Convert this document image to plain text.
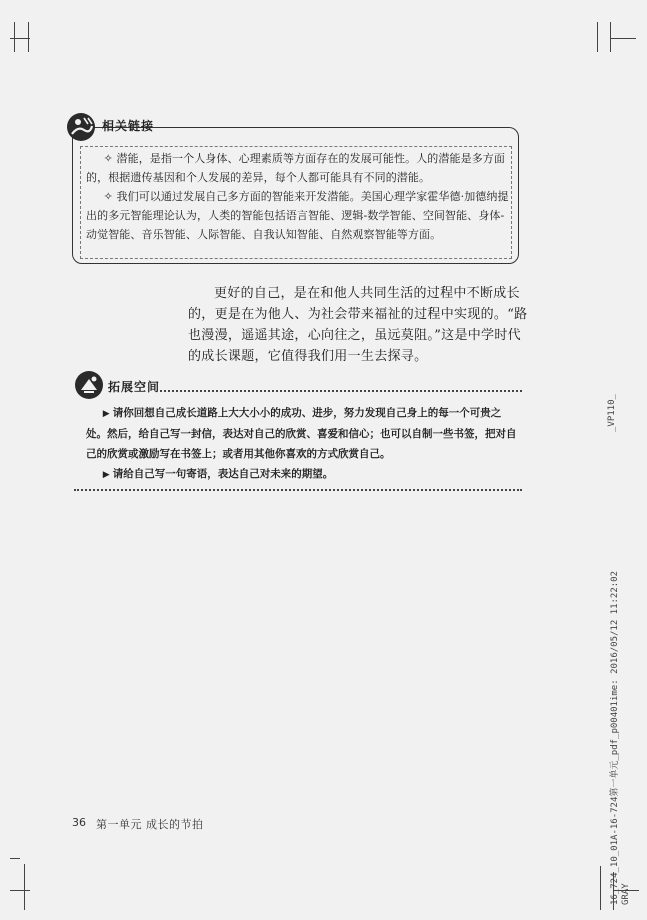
相关链接

✧ 潜能，是指一个人身体、心理素质等方面存在的发展可能性。人的潜能是多方面的，根据遗传基因和个人发展的差异，每个人都可能具有不同的潜能。

✧ 我们可以通过发展自己多方面的智能来开发潜能。美国心理学家霍华德·加德纳提出的多元智能理论认为，人类的智能包括语言智能、逻辑-数学智能、空间智能、身体-动觉智能、音乐智能、人际智能、自我认知智能、自然观察智能等方面。

更好的自己，是在和他人共同生活的过程中不断成长的，更是在为他人、为社会带来福祉的过程中实现的。“路也漫漫，遥遥其途，心向往之，虽远莫阻。”这是中学时代的成长课题，它值得我们用一生去探寻。
拓展空间

▶ 请你回想自己成长道路上大大小小的成功、进步，努力发现自己身上的每一个可贵之处。然后，给自己写一封信，表达对自己的欣赏、喜爱和信心；也可以自制一些书签，把对自己的欣赏或激励写在书签上；或者用其他你喜欢的方式欣赏自己。

▶ 请给自己写一句寄语，表达自己对未来的期望。

36 第一单元 成长的节拍
_VP110_
16_724_10_01A-16-724第一单元_pdf_p00401ime: 2016/05/12 11:22:02 GRAY
